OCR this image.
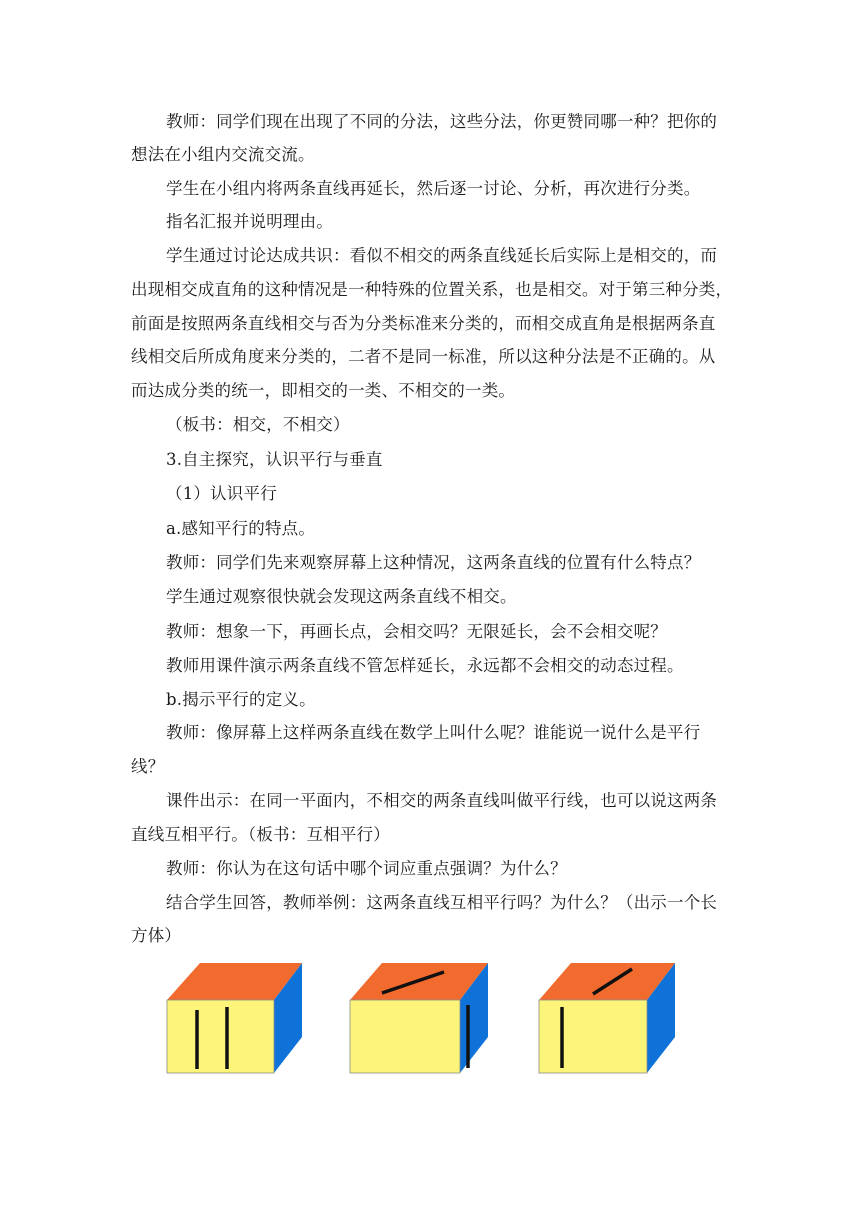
教师：同学们现在出现了不同的分法，这些分法，你更赞同哪一种？把你的
想法在小组内交流交流。
学生在小组内将两条直线再延长，然后逐一讨论、分析，再次进行分类。
指名汇报并说明理由。
学生通过讨论达成共识：看似不相交的两条直线延长后实际上是相交的，而
出现相交成直角的这种情况是一种特殊的位置关系，也是相交。对于第三种分类，
前面是按照两条直线相交与否为分类标准来分类的，而相交成直角是根据两条直
线相交后所成角度来分类的，二者不是同一标准，所以这种分法是不正确的。从
而达成分类的统一，即相交的一类、不相交的一类。
（板书：相交，不相交）
3.自主探究，认识平行与垂直
（1）认识平行
a.感知平行的特点。
教师：同学们先来观察屏幕上这种情况，这两条直线的位置有什么特点？
学生通过观察很快就会发现这两条直线不相交。
教师：想象一下，再画长点，会相交吗？无限延长，会不会相交呢？
教师用课件演示两条直线不管怎样延长，永远都不会相交的动态过程。
b.揭示平行的定义。
教师：像屏幕上这样两条直线在数学上叫什么呢？谁能说一说什么是平行
线？
课件出示：在同一平面内，不相交的两条直线叫做平行线，也可以说这两条
直线互相平行。（板书：互相平行）
教师：你认为在这句话中哪个词应重点强调？为什么？
结合学生回答，教师举例：这两条直线互相平行吗？为什么？（出示一个长
方体）
